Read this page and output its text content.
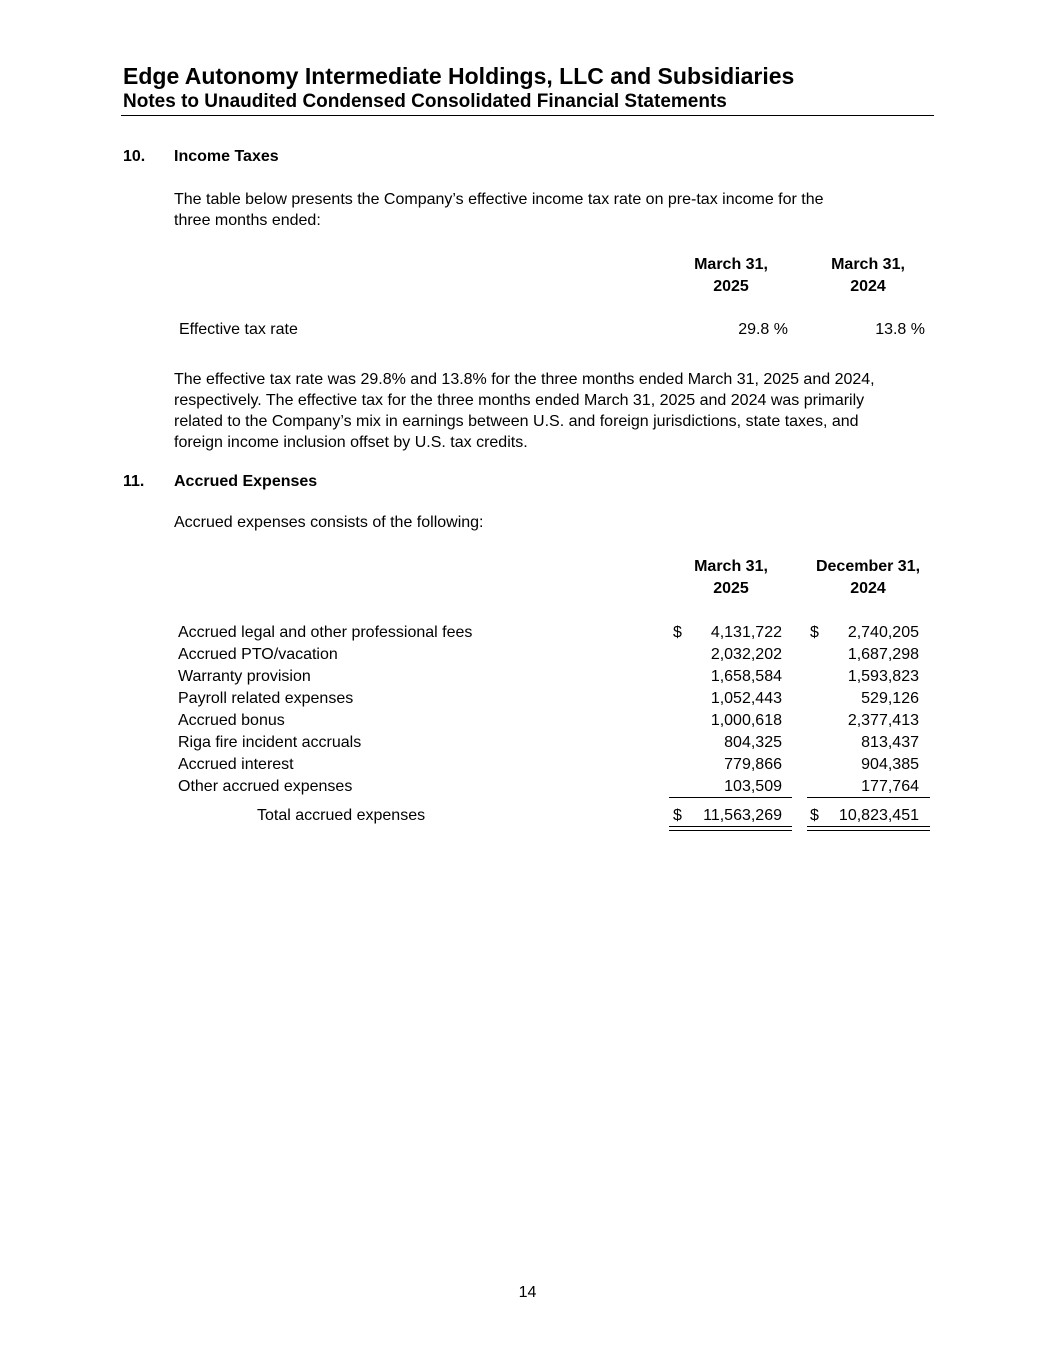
Edge Autonomy Intermediate Holdings, LLC and Subsidiaries
Notes to Unaudited Condensed Consolidated Financial Statements
10. Income Taxes
The table below presents the Company’s effective income tax rate on pre-tax income for the
three months ended:
March 31,
2025
March 31,
2024
Effective tax rate	29.8 %	13.8 %
The effective tax rate was 29.8% and 13.8% for the three months ended March 31, 2025 and 2024,
respectively. The effective tax for the three months ended March 31, 2025 and 2024 was primarily
related to the Company’s mix in earnings between U.S. and foreign jurisdictions, state taxes, and
foreign income inclusion offset by U.S. tax credits.
11. Accrued Expenses
Accrued expenses consists of the following:
March 31,
2025
December 31,
2024
Accrued legal and other professional fees	$ 4,131,722 $ 2,740,205
Accrued PTO/vacation	2,032,202	1,687,298
Warranty provision	1,658,584	1,593,823
Payroll related expenses	1,052,443	529,126
Accrued bonus	1,000,618	2,377,413
Riga fire incident accruals	804,325	813,437
Accrued interest	779,866	904,385
Other accrued expenses	103,509	177,764
Total accrued expenses	$ 11,563,269 $ 10,823,451
14
